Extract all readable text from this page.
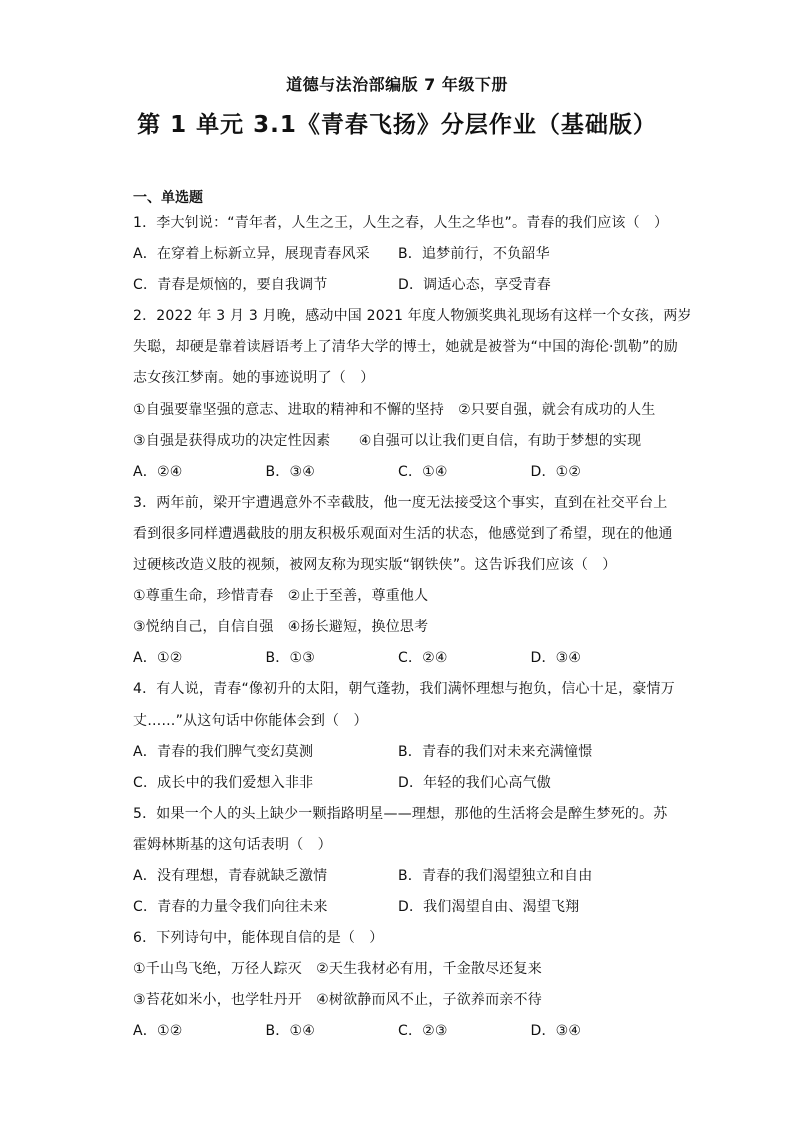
道德与法治部编版 7 年级下册
第 1 单元 3.1《青春飞扬》分层作业（基础版）
一、单选题
1．李大钊说：“青年者，人生之王，人生之春，人生之华也”。青春的我们应该（　）
A．在穿着上标新立异，展现青春风采	B．追梦前行，不负韶华
C．青春是烦恼的，要自我调节	D．调适心态，享受青春
2．2022 年 3 月 3 月晚，感动中国 2021 年度人物颁奖典礼现场有这样一个女孩，两岁
失聪，却硬是靠着读唇语考上了清华大学的博士，她就是被誉为“中国的海伦·凯勒”的励
志女孩江梦南。她的事迹说明了（　）
①自强要靠坚强的意志、进取的精神和不懈的坚持　②只要自强，就会有成功的人生
③自强是获得成功的决定性因素　　④自强可以让我们更自信，有助于梦想的实现
A．②④	B．③④	C．①④	D．①②
3．两年前，梁开宇遭遇意外不幸截肢，他一度无法接受这个事实，直到在社交平台上
看到很多同样遭遇截肢的朋友积极乐观面对生活的状态，他感觉到了希望，现在的他通
过硬核改造义肢的视频，被网友称为现实版“钢铁侠”。这告诉我们应该（　）
①尊重生命，珍惜青春　②止于至善，尊重他人
③悦纳自己，自信自强　④扬长避短，换位思考
A．①②	B．①③	C．②④	D．③④
4．有人说，青春“像初升的太阳，朝气蓬勃，我们满怀理想与抱负，信心十足，豪情万
丈……”从这句话中你能体会到（　）
A．青春的我们脾气变幻莫测	B．青春的我们对未来充满憧憬
C．成长中的我们爱想入非非	D．年轻的我们心高气傲
5．如果一个人的头上缺少一颗指路明星——理想，那他的生活将会是醉生梦死的。苏
霍姆林斯基的这句话表明（　）
A．没有理想，青春就缺乏激情	B．青春的我们渴望独立和自由
C．青春的力量令我们向往未来	D．我们渴望自由、渴望飞翔
6．下列诗句中，能体现自信的是（　）
①千山鸟飞绝，万径人踪灭　②天生我材必有用，千金散尽还复来
③苔花如米小，也学牡丹开　④树欲静而风不止，子欲养而亲不待
A．①②	B．①④	C．②③	D．③④
